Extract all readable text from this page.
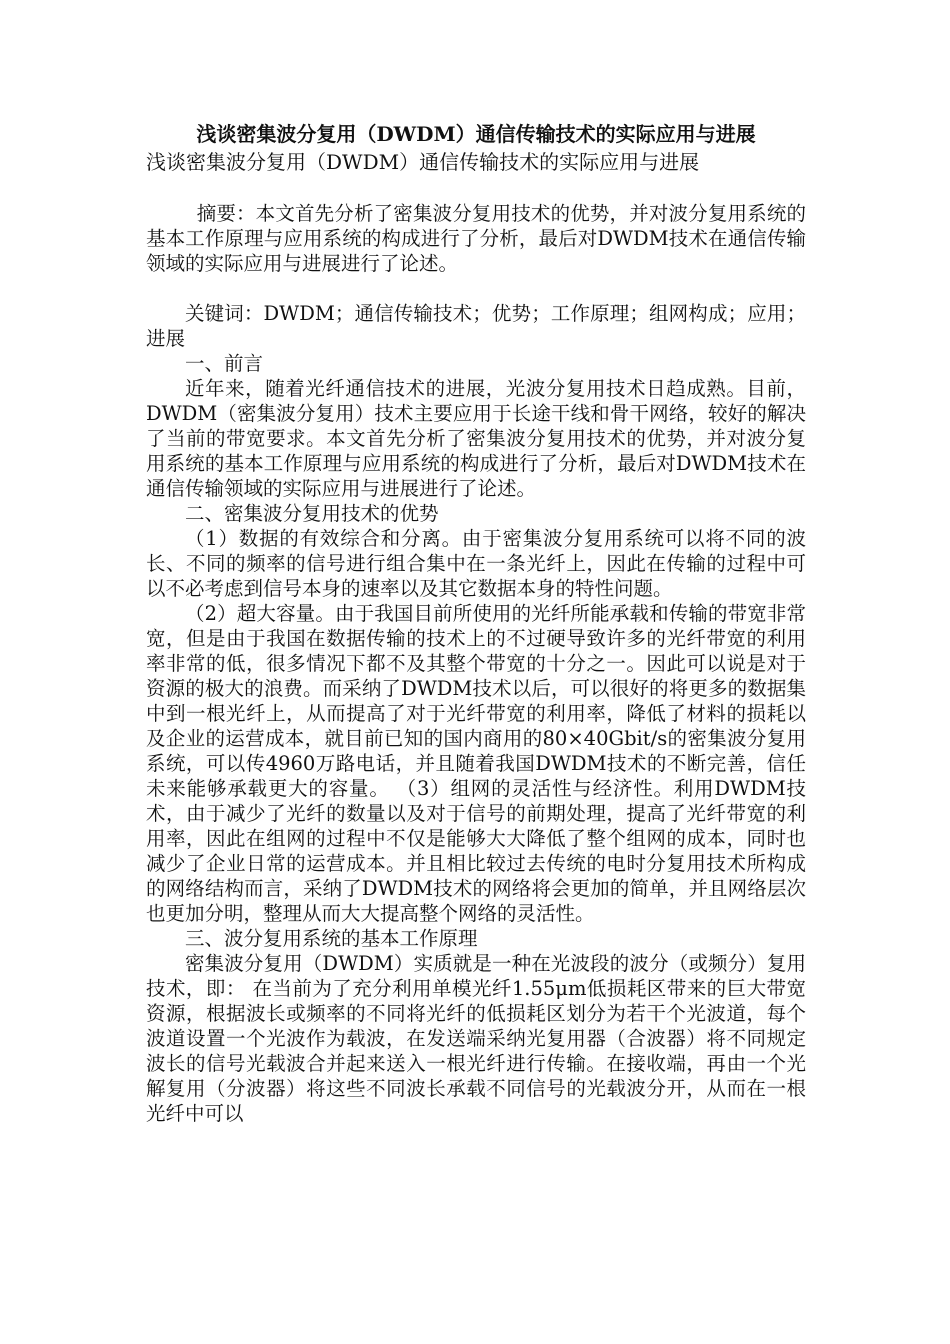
浅谈密集波分复用（DWDM）通信传输技术的实际应用与进展
浅谈密集波分复用（DWDM）通信传输技术的实际应用与进展

摘要：本文首先分析了密集波分复用技术的优势，并对波分复用系统的基本工作原理与应用系统的构成进行了分析，最后对DWDM技术在通信传输领域的实际应用与进展进行了论述。

关键词：DWDM；通信传输技术；优势；工作原理；组网构成；应用；进展

一、前言

近年来，随着光纤通信技术的进展，光波分复用技术日趋成熟。目前， DWDM（密集波分复用）技术主要应用于长途干线和骨干网络，较好的解决了当前的带宽要求。本文首先分析了密集波分复用技术的优势，并对波分复用系统的基本工作原理与应用系统的构成进行了分析，最后对DWDM技术在通信传输领域的实际应用与进展进行了论述。

二、密集波分复用技术的优势

（1）数据的有效综合和分离。由于密集波分复用系统可以将不同的波长、不同的频率的信号进行组合集中在一条光纤上，因此在传输的过程中可以不必考虑到信号本身的速率以及其它数据本身的特性问题。

（2）超大容量。由于我国目前所使用的光纤所能承载和传输的带宽非常宽，但是由于我国在数据传输的技术上的不过硬导致许多的光纤带宽的利用率非常的低，很多情况下都不及其整个带宽的十分之一。因此可以说是对于资源的极大的浪费。而采纳了DWDM技术以后，可以很好的将更多的数据集中到一根光纤上，从而提高了对于光纤带宽的利用率，降低了材料的损耗以及企业的运营成本，就目前已知的国内商用的80×40Gbit/s的密集波分复用系统，可以传4960万路电话，并且随着我国DWDM技术的不断完善，信任未来能够承载更大的容量。 （3）组网的灵活性与经济性。利用DWDM技术，由于减少了光纤的数量以及对于信号的前期处理，提高了光纤带宽的利用率，因此在组网的过程中不仅是能够大大降低了整个组网的成本，同时也减少了企业日常的运营成本。并且相比较过去传统的电时分复用技术所构成的网络结构而言，采纳了DWDM技术的网络将会更加的简单，并且网络层次也更加分明，整理从而大大提高整个网络的灵活性。

三、波分复用系统的基本工作原理

密集波分复用（DWDM）实质就是一种在光波段的波分（或频分）复用技术，即： 在当前为了充分利用单模光纤1.55μm低损耗区带来的巨大带宽资源，根据波长或频率的不同将光纤的低损耗区划分为若干个光波道，每个波道设置一个光波作为载波，在发送端采纳光复用器（合波器）将不同规定波长的信号光载波合并起来送入一根光纤进行传输。在接收端，再由一个光解复用（分波器）将这些不同波长承载不同信号的光载波分开，从而在一根光纤中可以
